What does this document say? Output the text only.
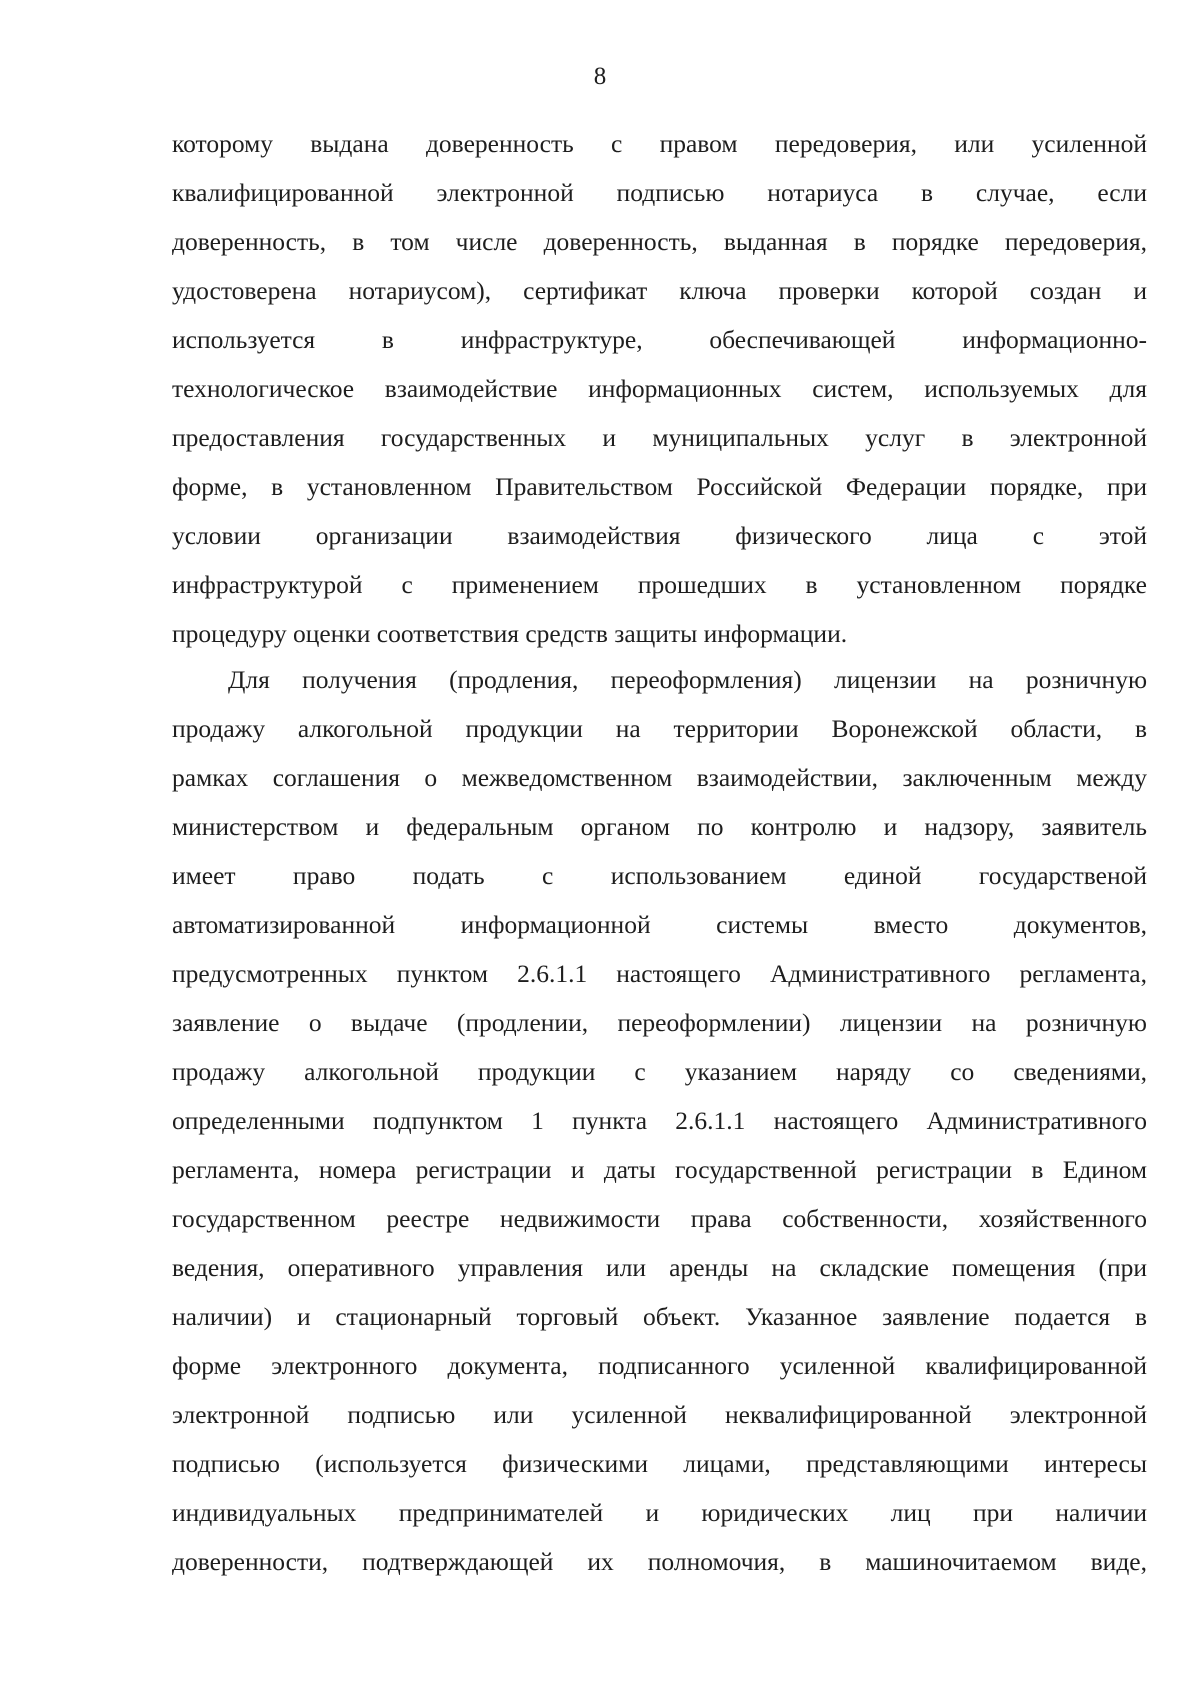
8
которому выдана доверенность с правом передоверия, или усиленной
квалифицированной электронной подписью нотариуса в случае, если
доверенность, в том числе доверенность, выданная в порядке передоверия,
удостоверена нотариусом), сертификат ключа проверки которой создан и
используется в инфраструктуре, обеспечивающей информационно-
технологическое взаимодействие информационных систем, используемых для
предоставления государственных и муниципальных услуг в электронной
форме, в установленном Правительством Российской Федерации порядке, при
условии организации взаимодействия физического лица с этой
инфраструктурой с применением прошедших в установленном порядке
процедуру оценки соответствия средств защиты информации.
Для получения (продления, переоформления) лицензии на розничную
продажу алкогольной продукции на территории Воронежской области, в
рамках соглашения о межведомственном взаимодействии, заключенным между
министерством и федеральным органом по контролю и надзору, заявитель
имеет право подать с использованием единой государственой
автоматизированной информационной системы вместо документов,
предусмотренных пунктом 2.6.1.1 настоящего Административного регламента,
заявление о выдаче (продлении, переоформлении) лицензии на розничную
продажу алкогольной продукции с указанием наряду со сведениями,
определенными подпунктом 1 пункта 2.6.1.1 настоящего Административного
регламента, номера регистрации и даты государственной регистрации в Едином
государственном реестре недвижимости права собственности, хозяйственного
ведения, оперативного управления или аренды на складские помещения (при
наличии) и стационарный торговый объект. Указанное заявление подается в
форме электронного документа, подписанного усиленной квалифицированной
электронной подписью или усиленной неквалифицированной электронной
подписью (используется физическими лицами, представляющими интересы
индивидуальных предпринимателей и юридических лиц при наличии
доверенности, подтверждающей их полномочия, в машиночитаемом виде,
